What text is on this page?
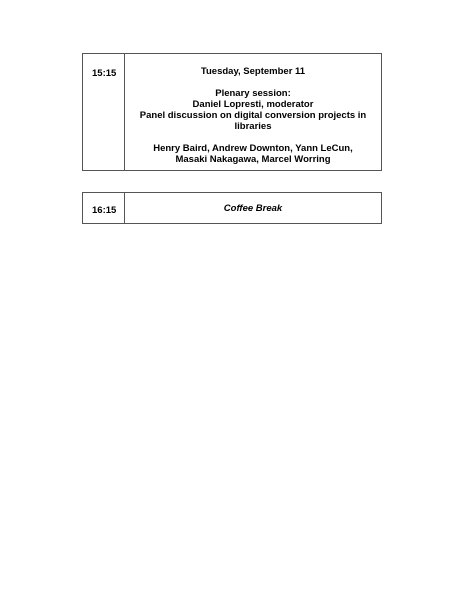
15:15	Tuesday, September 11
Plenary session:
Daniel Lopresti, moderator
Panel discussion on digital conversion projects in
libraries
Henry Baird, Andrew Downton, Yann LeCun,
Masaki Nakagawa, Marcel Worring
16:15	Coffee Break
